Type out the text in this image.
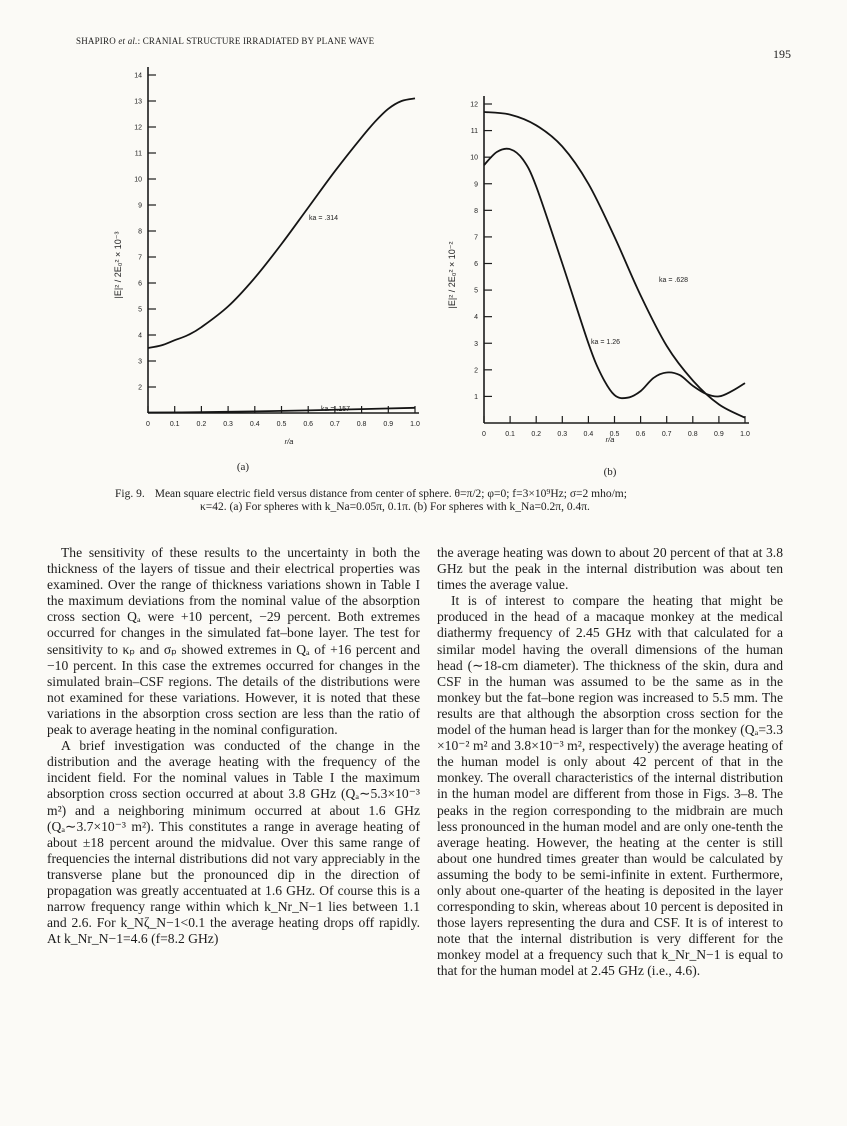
SHAPIRO et al.: CRANIAL STRUCTURE IRRADIATED BY PLANE WAVE
195
0	0.1 0.2 0.3 0.4 0.5 0.6 0.7 0.8 0.9 1.0
2
3
4
5
6
7
8
9
10
11
12
13
14
ka = .314
ka = .157
r/a
|E|² / 2E₀² × 10⁻³
(a)
0	0.1 0.2 0.3 0.4 0.5 0.6 0.7 0.8 0.9 1.0
1
2
3
4
5
6
7
8
9
10
11
12
ka = .628
ka = 1.26
r/a
|E|² / 2E₀² × 10⁻²
(b)
Fig. 9. Mean square electric field versus distance from center of sphere. θ=π/2; φ=0; f=3×10⁹Hz; σ=2 mho/m;
κ=42. (a) For spheres with k_Na=0.05π, 0.1π. (b) For spheres with k_Na=0.2π, 0.4π.

The sensitivity of these results to the uncertainty in both the thickness of the layers of tissue and their electrical properties was examined. Over the range of thickness variations shown in Table I the maximum deviations from the nominal value of the absorption cross section Qₐ were +10 percent, −29 percent. Both extremes occurred for changes in the simulated fat–bone layer. The test for sensitivity to κₚ and σₚ showed extremes in Qₐ of +16 percent and −10 percent. In this case the extremes occurred for changes in the simulated brain–CSF regions. The details of the distributions were not examined for these variations. However, it is noted that these variations in the absorption cross section are less than the ratio of peak to average heating in the nominal configuration.

A brief investigation was conducted of the change in the distribution and the average heating with the frequency of the incident field. For the nominal values in Table I the maximum absorption cross section occurred at about 3.8 GHz (Qₐ∼5.3×10⁻³ m²) and a neighboring minimum occurred at about 1.6 GHz (Qₐ∼3.7×10⁻³ m²). This constitutes a range in average heating of about ±18 percent around the midvalue. Over this same range of frequencies the internal distributions did not vary appreciably in the transverse plane but the pronounced dip in the direction of propagation was greatly accentuated at 1.6 GHz. Of course this is a narrow frequency range within which k_Nr_N−1 lies between 1.1 and 2.6. For k_Nζ_N−1<0.1 the average heating drops off rapidly. At k_Nr_N−1=4.6 (f=8.2 GHz)

the average heating was down to about 20 percent of that at 3.8 GHz but the peak in the internal distribution was about ten times the average value.

It is of interest to compare the heating that might be produced in the head of a macaque monkey at the medical diathermy frequency of 2.45 GHz with that calculated for a similar model having the overall dimensions of the human head (∼18-cm diameter). The thickness of the skin, dura and CSF in the human was assumed to be the same as in the monkey but the fat–bone region was increased to 5.5 mm. The results are that although the absorption cross section for the model of the human head is larger than for the monkey (Qₐ=3.3 ×10⁻² m² and 3.8×10⁻³ m², respectively) the average heating of the human model is only about 42 percent of that in the monkey. The overall characteristics of the internal distribution in the human model are different from those in Figs. 3–8. The peaks in the region corresponding to the midbrain are much less pronounced in the human model and are only one-tenth the average heating. However, the heating at the center is still about one hundred times greater than would be calculated by assuming the body to be semi-infinite in extent. Furthermore, only about one-quarter of the heating is deposited in the layer corresponding to skin, whereas about 10 percent is deposited in those layers representing the dura and CSF. It is of interest to note that the internal distribution is very different for the monkey model at a frequency such that k_Nr_N−1 is equal to that for the human model at 2.45 GHz (i.e., 4.6).
